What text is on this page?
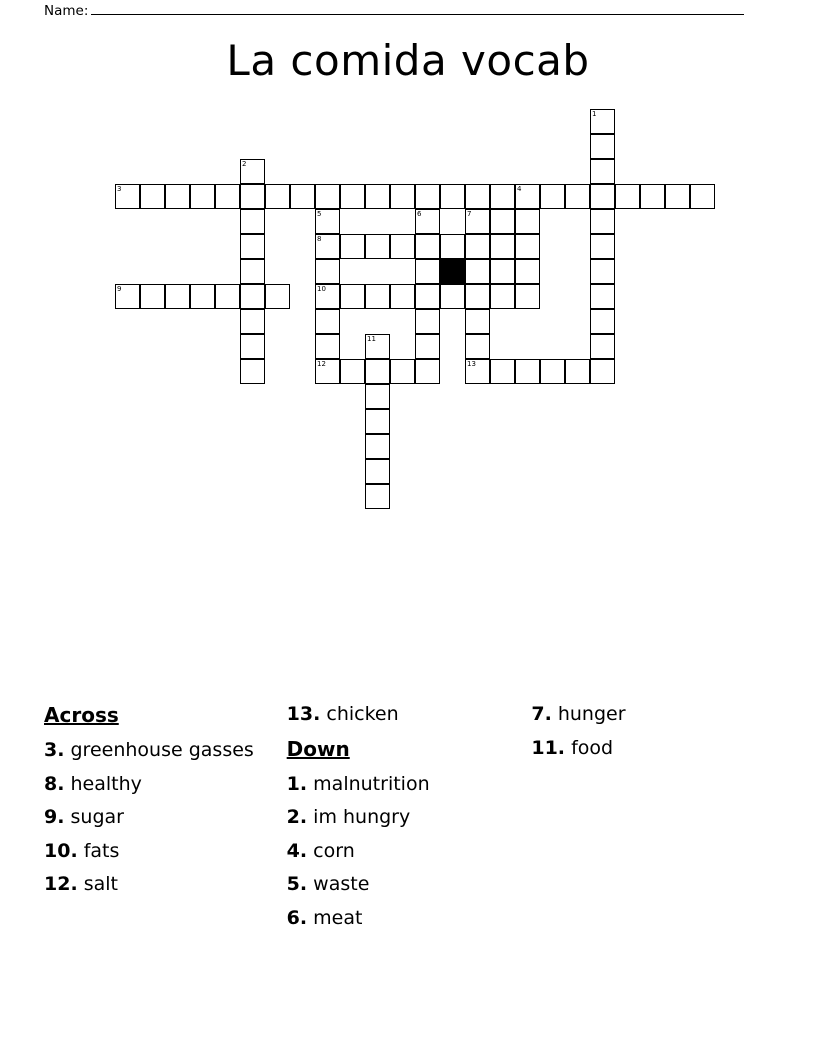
Name:
La comida vocab
1
2
3	4
5	6	7
8
9	10
11
12	13
Across
3. greenhouse gasses
8. healthy
9. sugar
10. fats
12. salt
13. chicken
Down
1. malnutrition
2. im hungry
4. corn
5. waste
6. meat
7. hunger
11. food
